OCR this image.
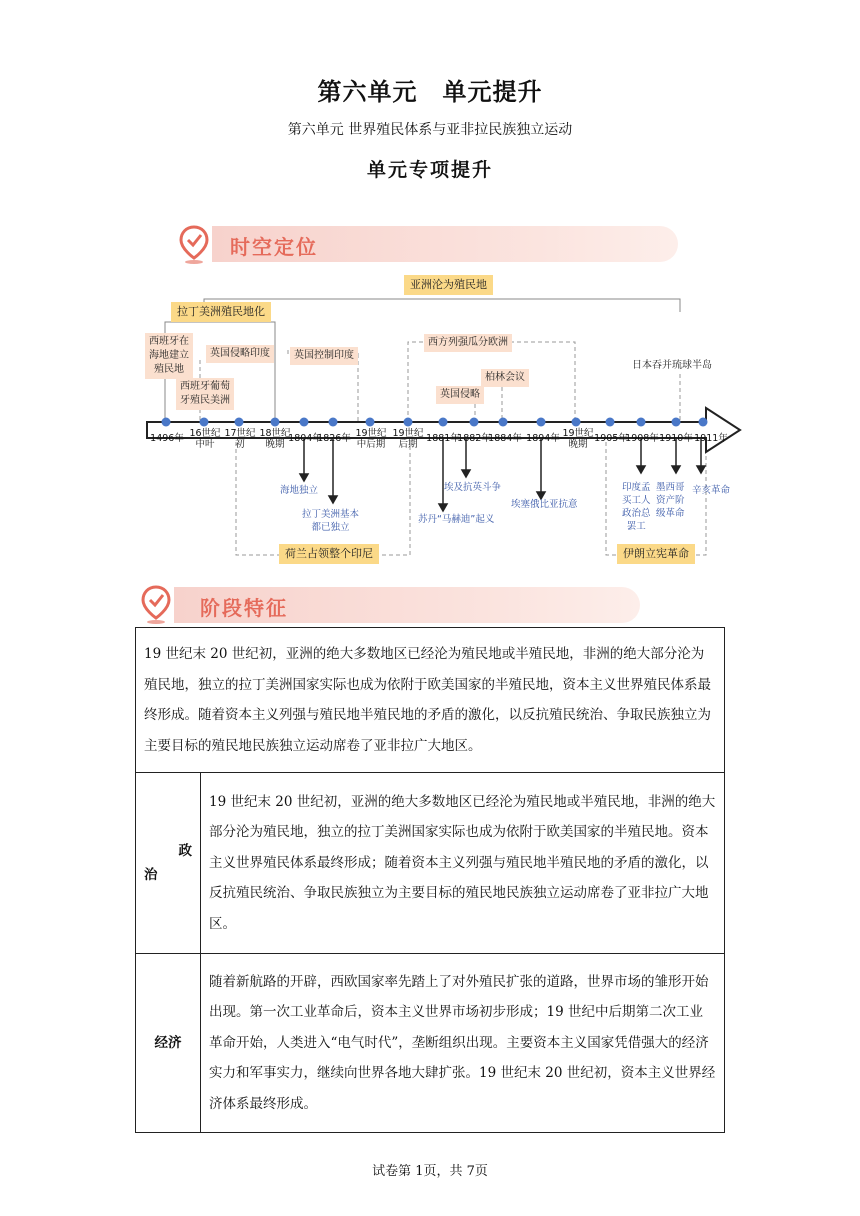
第六单元　单元提升
第六单元 世界殖民体系与亚非拉民族独立运动
单元专项提升
时空定位
亚洲沦为殖民地
拉丁美洲殖民地化
西班牙在
海地建立
殖民地
西班牙葡萄
牙殖民美洲
英国侵略印度	英国控制印度
西方列强瓜分欧洲
柏林会议
英国侵略
日本吞并琉球半岛
荷兰占领整个印尼	伊朗立宪革命
1496年 16世纪
中叶
17世纪
初
18世纪
晚期
1804年
1826年 19世纪
中后期
19世纪
后期
1881年
1882年
1884年 1894年 19世纪
晚期
1905年
1908年 1910年 1911年
海地独立
拉丁美洲基本
都已独立
埃及抗英斗争
苏丹“马赫迪”起义
埃塞俄比亚抗意
印度孟
买工人
政治总
罢工
墨西哥
资产阶
级革命
辛亥革命
阶段特征
19 世纪末 20 世纪初，亚洲的绝大多数地区已经沦为殖民地或半殖民地，非洲的绝大部分沦为殖民地，独立的拉丁美洲国家实际也成为依附于欧美国家的半殖民地，资本主义世界殖民体系最终形成。随着资本主义列强与殖民地半殖民地的矛盾的激化，以反抗殖民统治、争取民族独立为主要目标的殖民地民族独立运动席卷了亚非拉广大地区。	

政
治	19 世纪末 20 世纪初，亚洲的绝大多数地区已经沦为殖民地或半殖民地，非洲的绝大部分沦为殖民地，独立的拉丁美洲国家实际也成为依附于欧美国家的半殖民地。资本主义世界殖民体系最终形成；随着资本主义列强与殖民地半殖民地的矛盾的激化，以反抗殖民统治、争取民族独立为主要目标的殖民地民族独立运动席卷了亚非拉广大地区。
经济	随着新航路的开辟，西欧国家率先踏上了对外殖民扩张的道路，世界市场的雏形开始出现。第一次工业革命后，资本主义世界市场初步形成；19 世纪中后期第二次工业革命开始，人类进入“电气时代”，垄断组织出现。主要资本主义国家凭借强大的经济实力和军事实力，继续向世界各地大肆扩张。19 世纪末 20 世纪初，资本主义世界经济体系最终形成。
试卷第 1页，共 7页
